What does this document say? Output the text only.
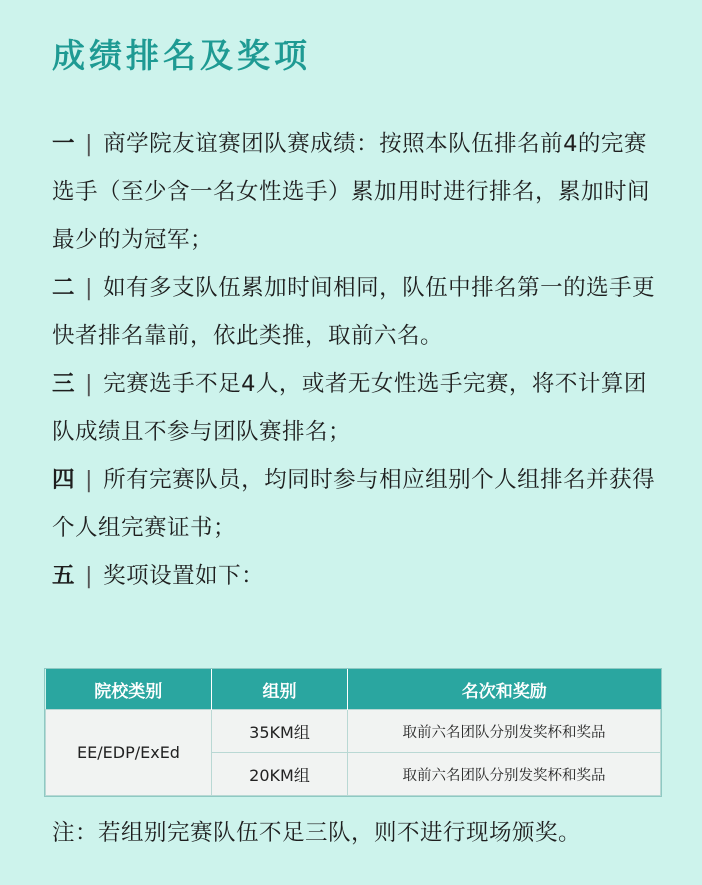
成绩排名及奖项
一 | 商学院友谊赛团队赛成绩：按照本队伍排名前4的完赛选手（至少含一名女性选手）累加用时进行排名，累加时间最少的为冠军；
二 | 如有多支队伍累加时间相同，队伍中排名第一的选手更快者排名靠前，依此类推，取前六名。
三 | 完赛选手不足4人，或者无女性选手完赛，将不计算团队成绩且不参与团队赛排名；
四 | 所有完赛队员，均同时参与相应组别个人组排名并获得个人组完赛证书；
五 | 奖项设置如下：
院校类别	组别	名次和奖励
EE/EDP/ExEd	35KM组	取前六名团队分别发奖杯和奖品
	20KM组	取前六名团队分别发奖杯和奖品
注：若组别完赛队伍不足三队，则不进行现场颁奖。
